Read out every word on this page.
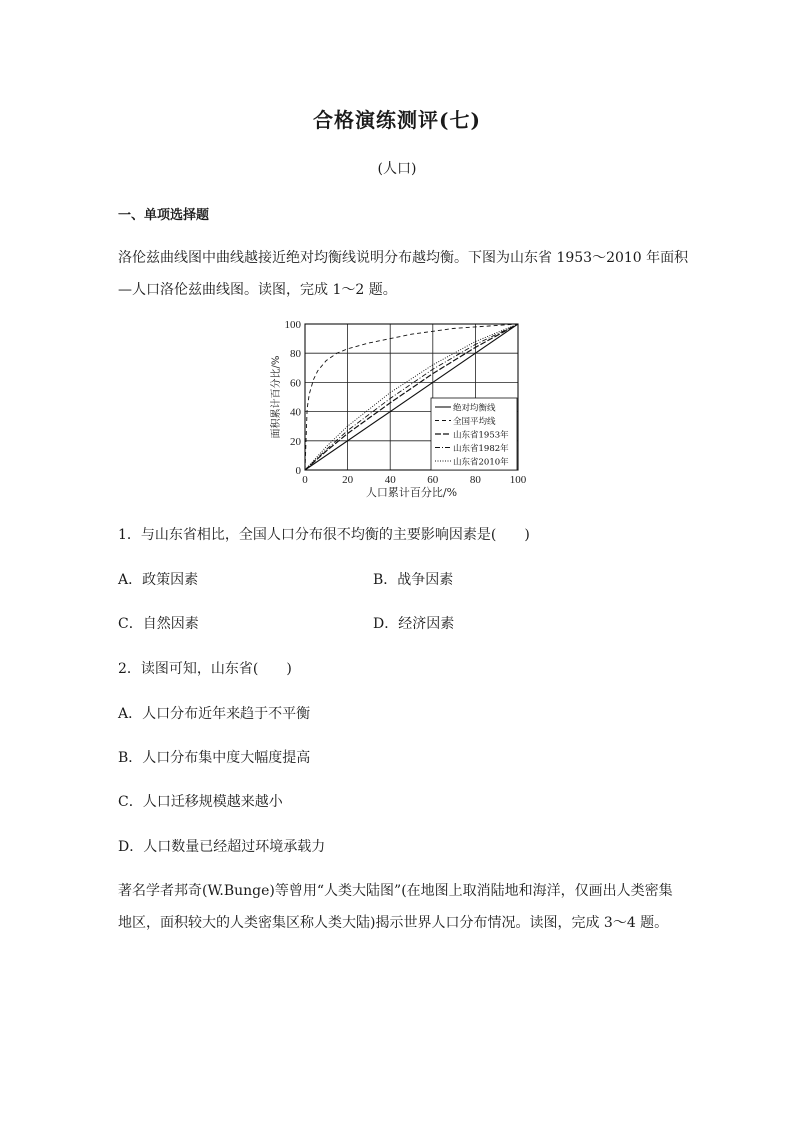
合格演练测评(七)
(人口)
一、单项选择题
洛伦兹曲线图中曲线越接近绝对均衡线说明分布越均衡。下图为山东省 1953～2010 年面积
—人口洛伦兹曲线图。读图，完成 1～2 题。
0	20	40	60	80	100
0
20
40
60
80
100
人口累计百分比/%
面积累计百分比/%	绝对均衡线
全国平均线
山东省1953年
山东省1982年
山东省2010年
1．与山东省相比，全国人口分布很不均衡的主要影响因素是(　　)
A．政策因素	B．战争因素
C．自然因素	D．经济因素
2．读图可知，山东省(　　)
A．人口分布近年来趋于不平衡
B．人口分布集中度大幅度提高
C．人口迁移规模越来越小
D．人口数量已经超过环境承载力
著名学者邦奇(W.Bunge)等曾用“人类大陆图”(在地图上取消陆地和海洋，仅画出人类密集
地区，面积较大的人类密集区称人类大陆)揭示世界人口分布情况。读图，完成 3～4 题。
